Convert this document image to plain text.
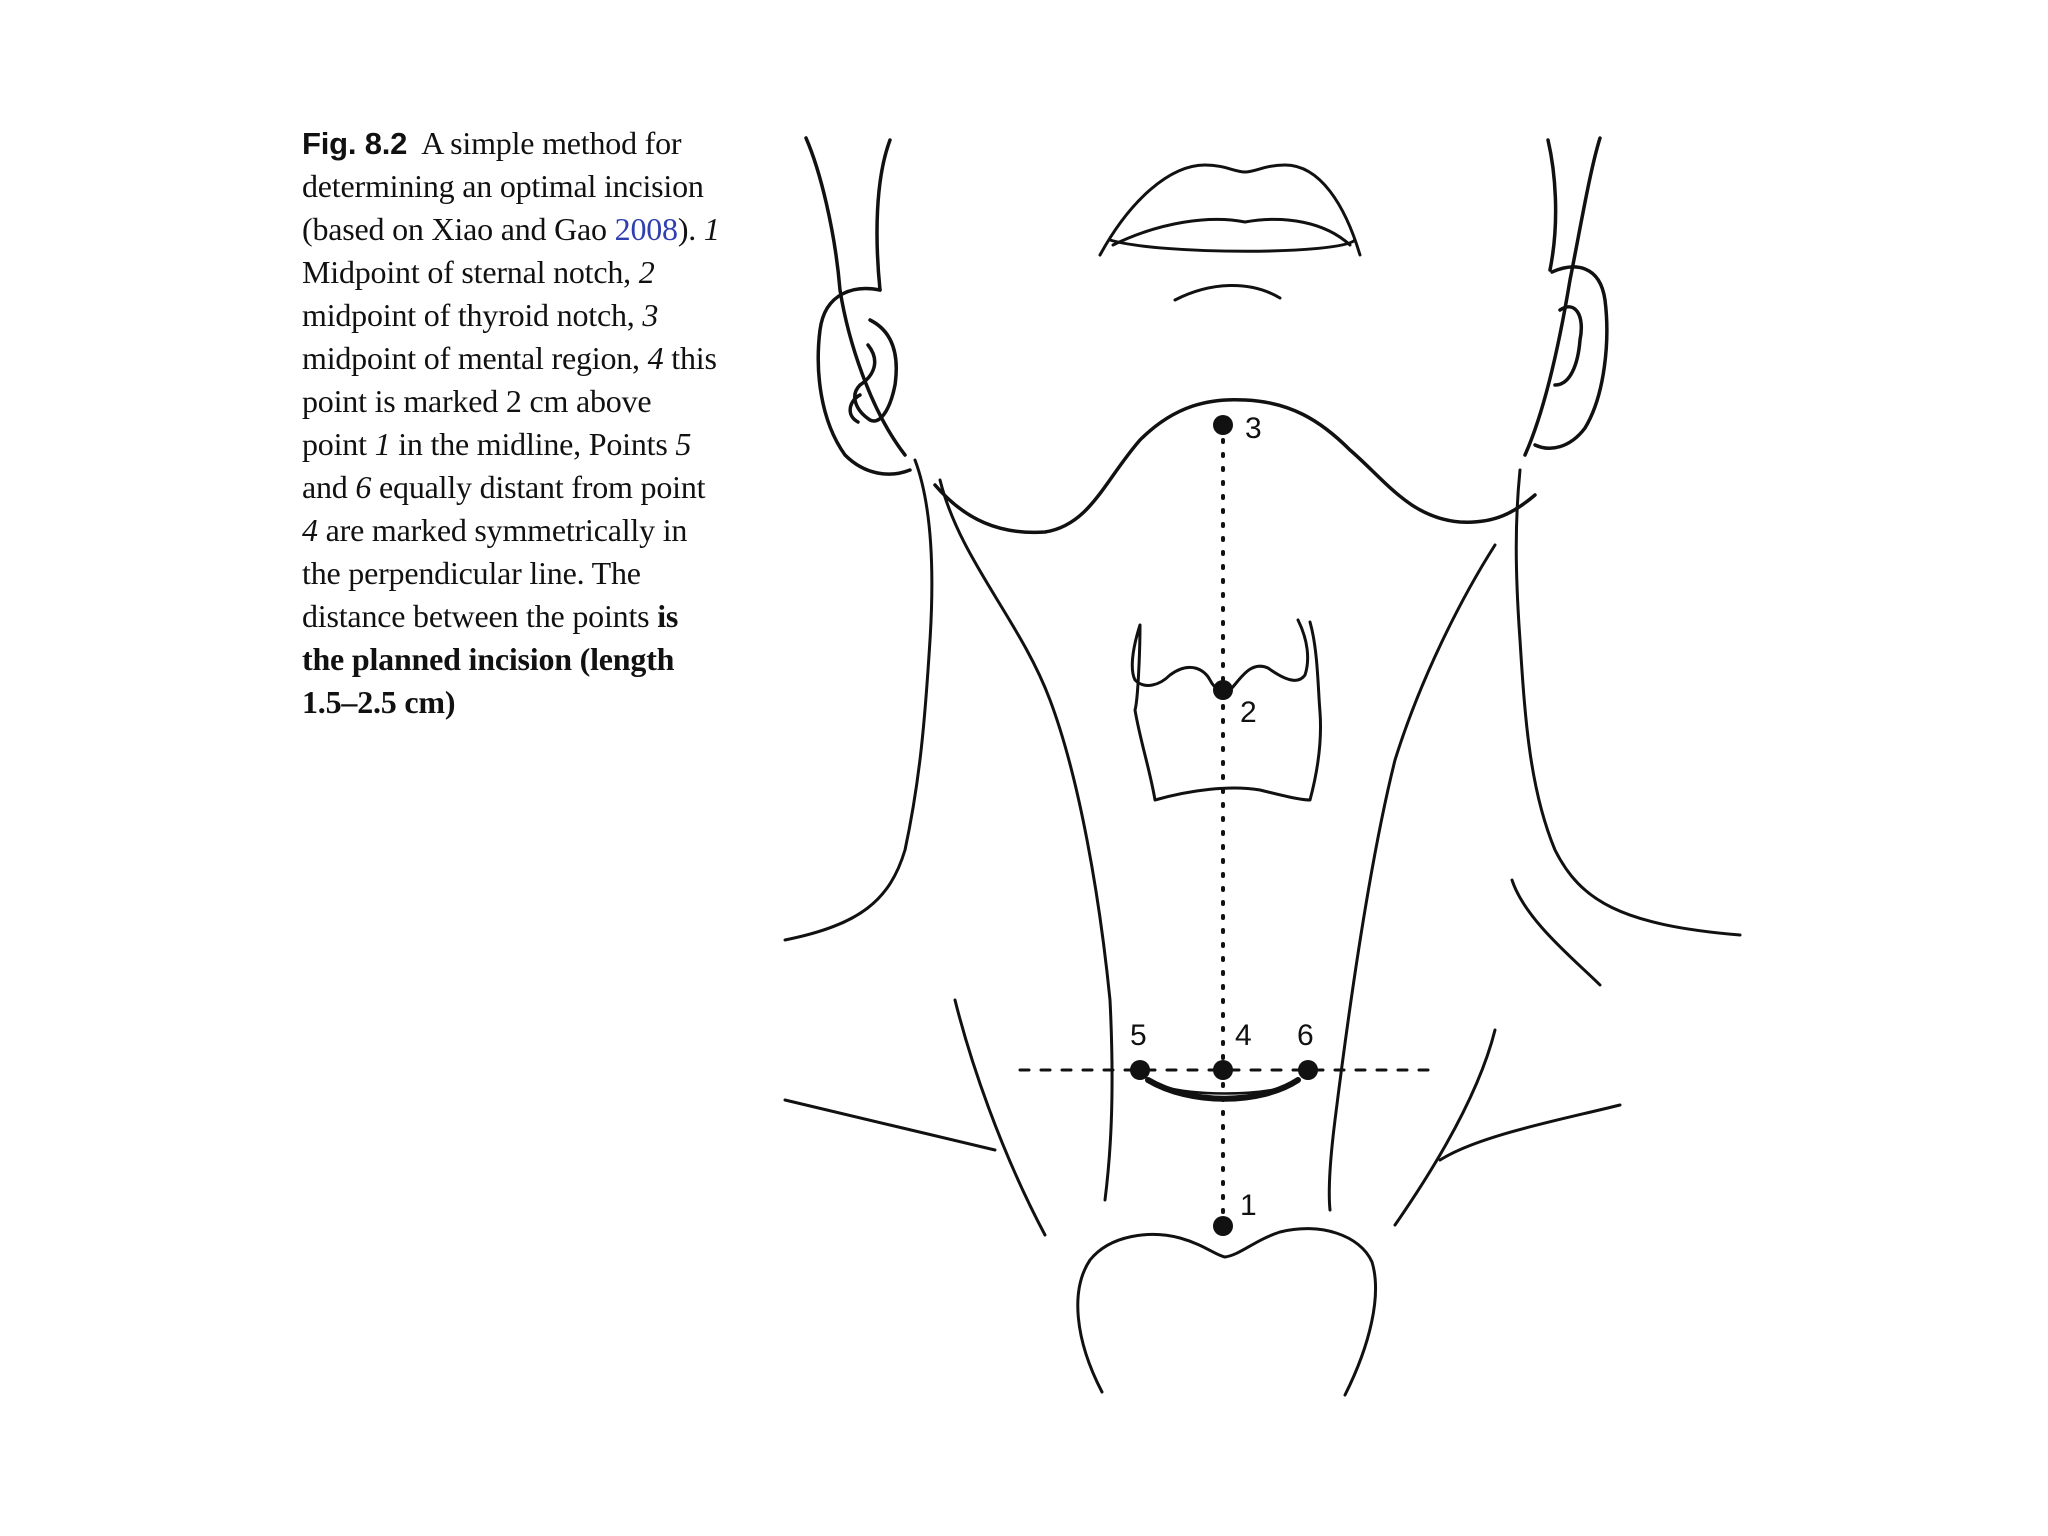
Fig. 8.2 A simple method for determining an optimal incision (based on Xiao and Gao 2008). 1 Midpoint of sternal notch, 2 midpoint of thyroid notch, 3 midpoint of mental region, 4 this point is marked 2 cm above point 1 in the midline, Points 5 and 6 equally distant from point 4 are marked symmetrically in the perpendicular line. The distance between the points is the planned incision (length 1.5–2.5 cm)
1
2
3
4
5	6
